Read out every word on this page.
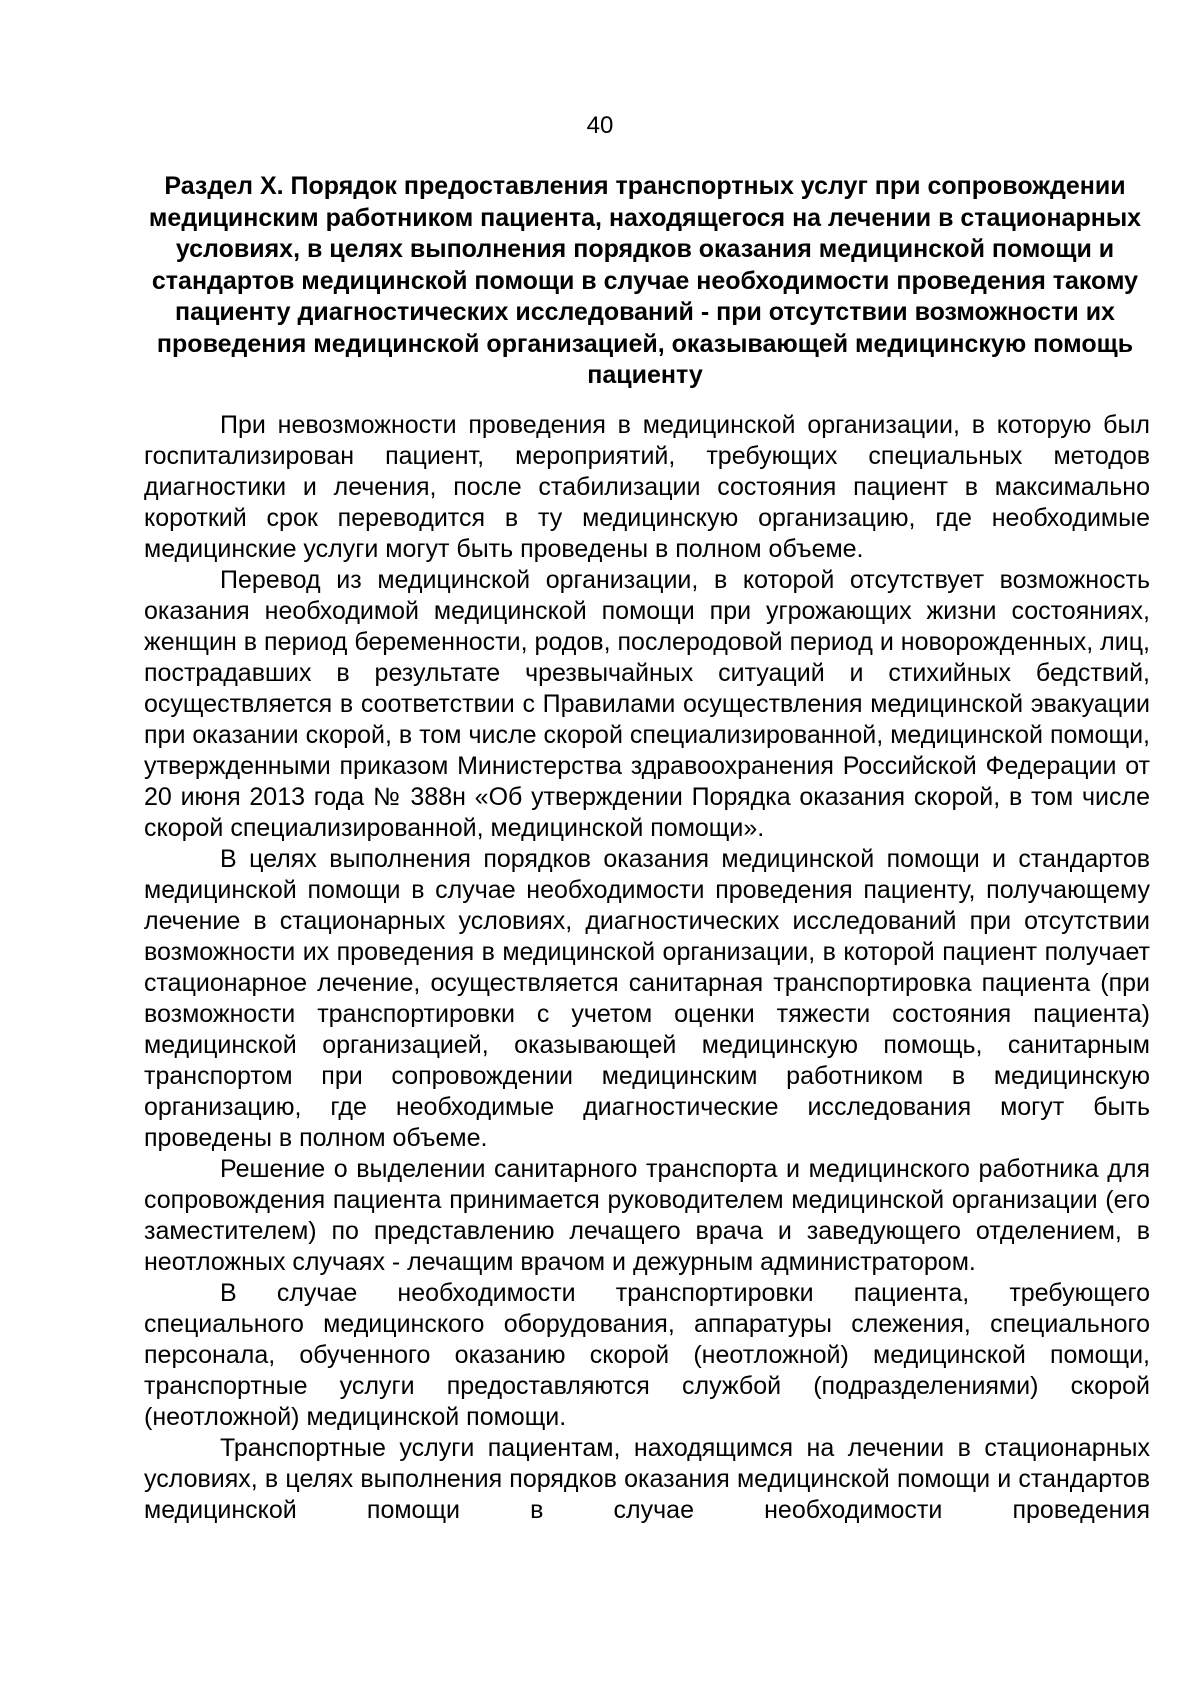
40
Раздел X. Порядок предоставления транспортных услуг при сопровождении медицинским работником пациента, находящегося на лечении в стационарных условиях, в целях выполнения порядков оказания медицинской помощи и стандартов медицинской помощи в случае необходимости проведения такому пациенту диагностических исследований - при отсутствии возможности их проведения медицинской организацией, оказывающей медицинскую помощь пациенту

При невозможности проведения в медицинской организации, в которую был госпитализирован пациент, мероприятий, требующих специальных методов диагностики и лечения, после стабилизации состояния пациент в максимально короткий срок переводится в ту медицинскую организацию, где необходимые медицинские услуги могут быть проведены в полном объеме.

Перевод из медицинской организации, в которой отсутствует возможность оказания необходимой медицинской помощи при угрожающих жизни состояниях, женщин в период беременности, родов, послеродовой период и новорожденных, лиц, пострадавших в результате чрезвычайных ситуаций и стихийных бедствий, осуществляется в соответствии с Правилами осуществления медицинской эвакуации при оказании скорой, в том числе скорой специализированной, медицинской помощи, утвержденными приказом Министерства здравоохранения Российской Федерации от 20 июня 2013 года № 388н «Об утверждении Порядка оказания скорой, в том числе скорой специализированной, медицинской помощи».

В целях выполнения порядков оказания медицинской помощи и стандартов медицинской помощи в случае необходимости проведения пациенту, получающему лечение в стационарных условиях, диагностических исследований при отсутствии возможности их проведения в медицинской организации, в которой пациент получает стационарное лечение, осуществляется санитарная транспортировка пациента (при возможности транспортировки с учетом оценки тяжести состояния пациента) медицинской организацией, оказывающей медицинскую помощь, санитарным транспортом при сопровождении медицинским работником в медицинскую организацию, где необходимые диагностические исследования могут быть проведены в полном объеме.

Решение о выделении санитарного транспорта и медицинского работника для сопровождения пациента принимается руководителем медицинской организации (его заместителем) по представлению лечащего врача и заведующего отделением, в неотложных случаях - лечащим врачом и дежурным администратором.

В случае необходимости транспортировки пациента, требующего специального медицинского оборудования, аппаратуры слежения, специального персонала, обученного оказанию скорой (неотложной) медицинской помощи, транспортные услуги предоставляются службой (подразделениями) скорой (неотложной) медицинской помощи.

Транспортные услуги пациентам, находящимся на лечении в стационарных условиях, в целях выполнения порядков оказания медицинской помощи и стандартов медицинской помощи в случае необходимости проведения
